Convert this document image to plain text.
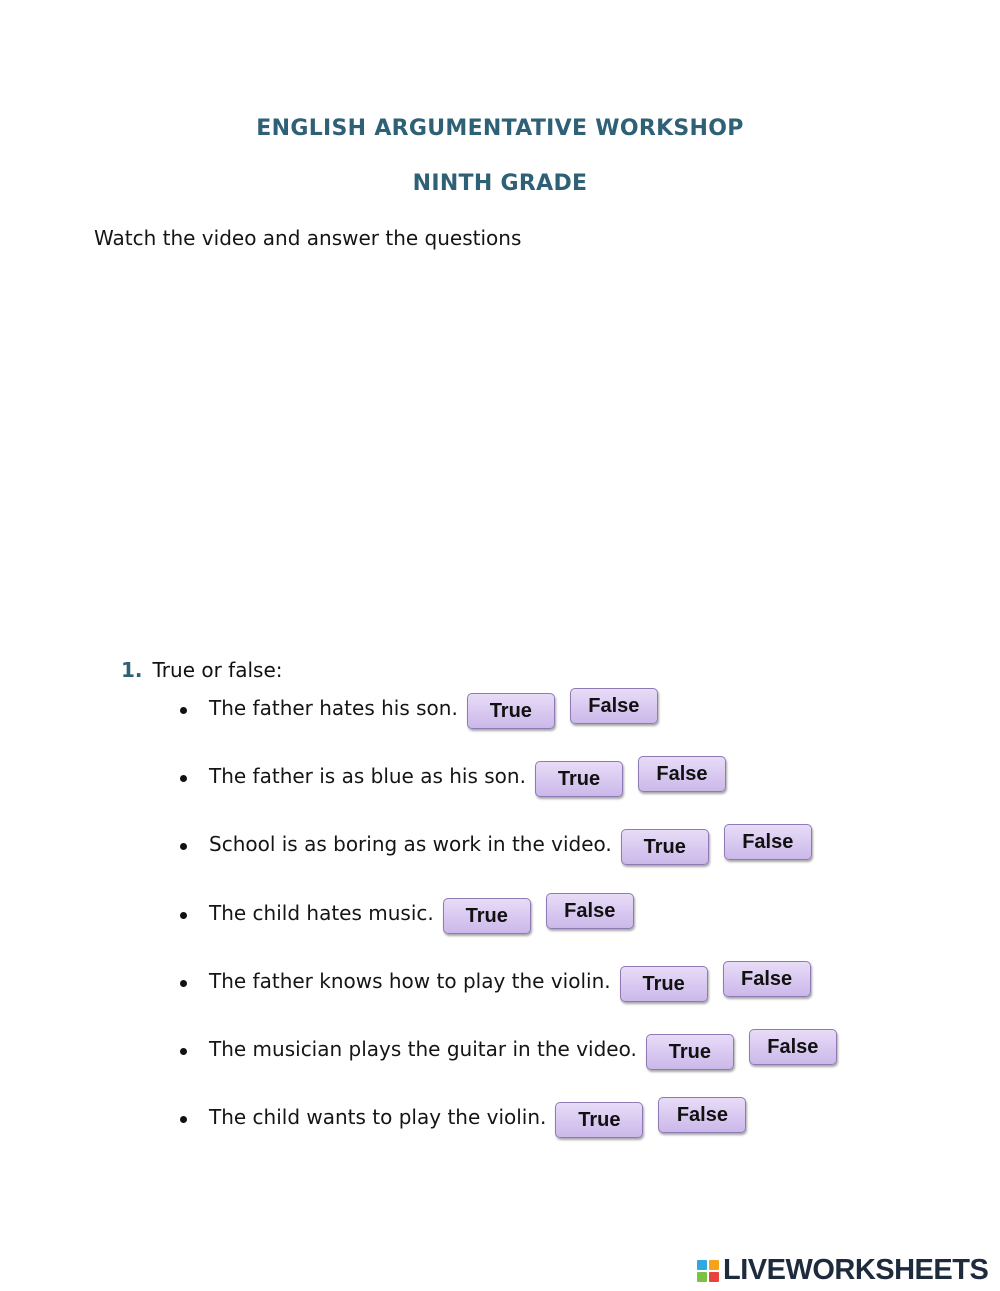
ENGLISH ARGUMENTATIVE WORKSHOP
NINTH GRADE
Watch the video and answer the questions
1. True or false:
The father hates his son.	True	False
The father is as blue as his son.	True	False
School is as boring as work in the video.	True	False
The child hates music.	True	False
The father knows how to play the violin.	True	False
The musician plays the guitar in the video.	True	False
The child wants to play the violin.	True	False
LIVEWORKSHEETS
